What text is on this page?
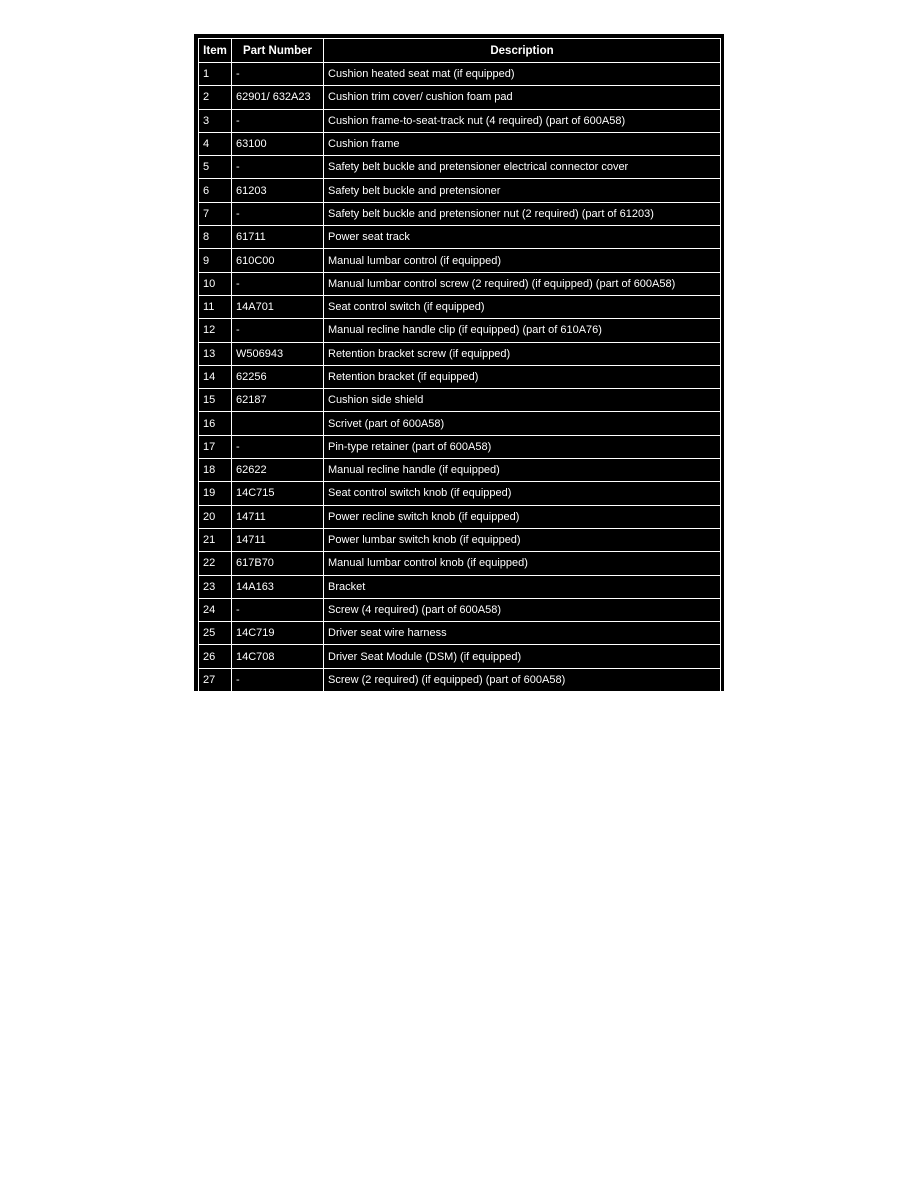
Item	Part Number	Description
1	-	Cushion heated seat mat (if equipped)
2	62901/ 632A23	Cushion trim cover/ cushion foam pad
3	-	Cushion frame-to-seat-track nut (4 required) (part of 600A58)
4	63100	Cushion frame
5	-	Safety belt buckle and pretensioner electrical connector cover
6	61203	Safety belt buckle and pretensioner
7	-	Safety belt buckle and pretensioner nut (2 required) (part of 61203)
8	61711	Power seat track
9	610C00	Manual lumbar control (if equipped)
10	-	Manual lumbar control screw (2 required) (if equipped) (part of 600A58)
11	14A701	Seat control switch (if equipped)
12	-	Manual recline handle clip (if equipped) (part of 610A76)
13	W506943	Retention bracket screw (if equipped)
14	62256	Retention bracket (if equipped)
15	62187	Cushion side shield
16		Scrivet (part of 600A58)
17	-	Pin-type retainer (part of 600A58)
18	62622	Manual recline handle (if equipped)
19	14C715	Seat control switch knob (if equipped)
20	14711	Power recline switch knob (if equipped)
21	14711	Power lumbar switch knob (if equipped)
22	617B70	Manual lumbar control knob (if equipped)
23	14A163	Bracket
24	-	Screw (4 required) (part of 600A58)
25	14C719	Driver seat wire harness
26	14C708	Driver Seat Module (DSM) (if equipped)
27	-	Screw (2 required) (if equipped) (part of 600A58)
